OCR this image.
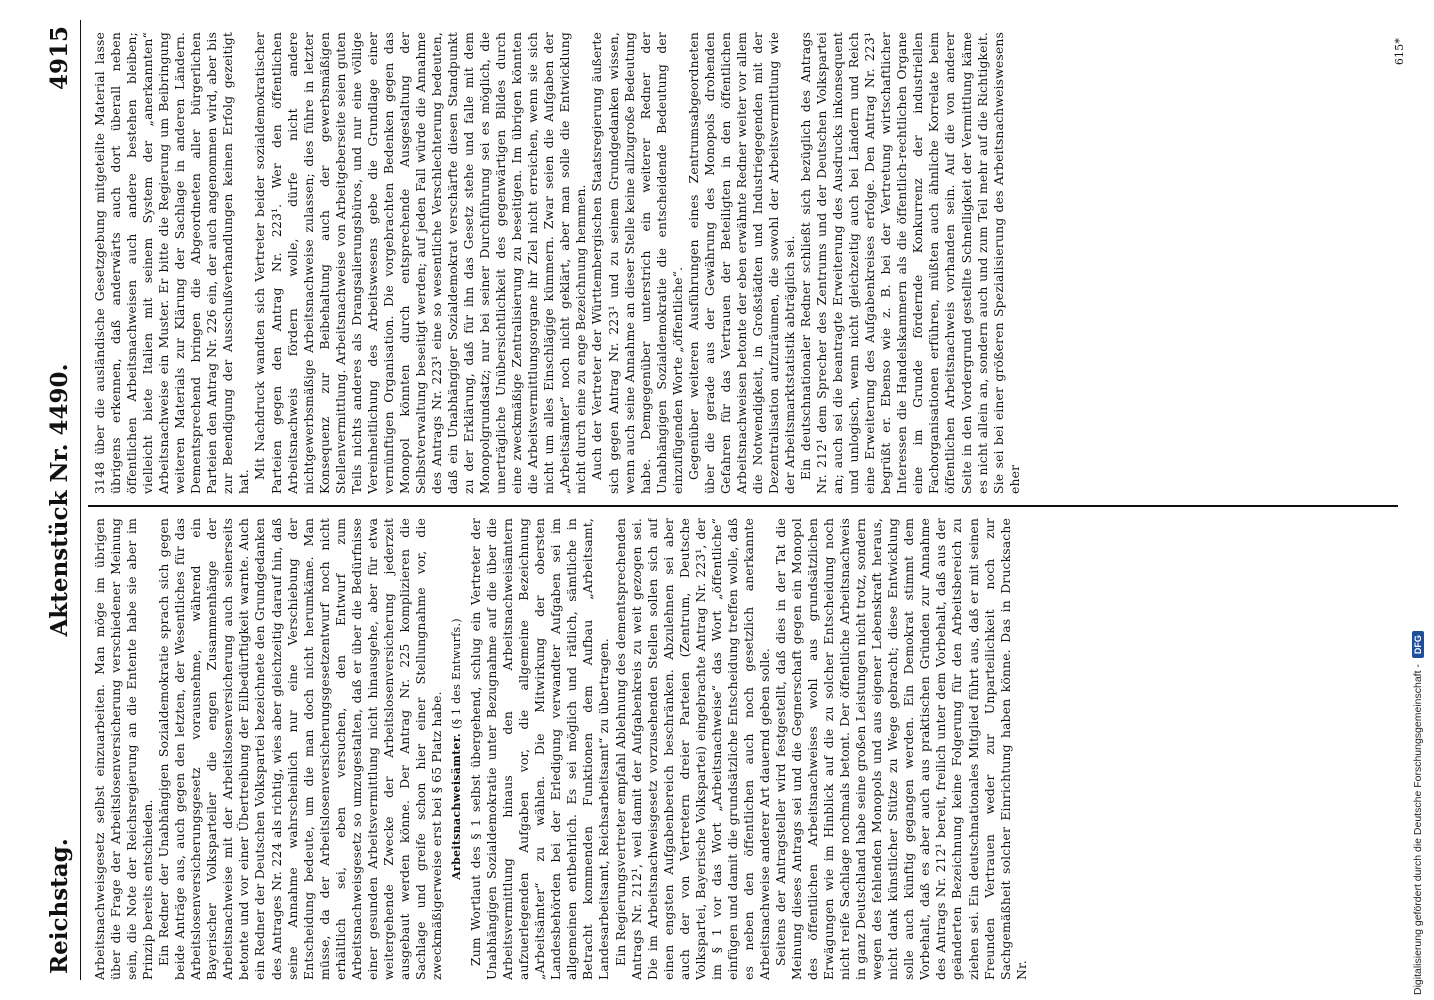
Reichstag.
Aktenstück Nr. 4490.
4915

Arbeitsnachweisgesetz selbst einzuarbeiten. Man möge im übrigen über die Frage der Arbeitslosenversicherung verschiedener Meinung sein, die Note der Reichsregierung an die Entente habe sie aber im Prinzip bereits entschieden. Ein Redner der Unabhängigen Sozialdemokratie sprach sich gegen beide Anträge aus, auch gegen den letzten, der Wesentliches für das Arbeitslosenversicherungsgesetz vorausnehme, während ein Bayerischer Volksparteiler die engen Zusammenhänge der Arbeitsnachweise mit der Arbeitslosenversicherung auch seinerseits betonte und vor einer Übertreibung der Eilbedürftigkeit warnte. Auch ein Redner der Deutschen Volkspartei bezeichnete den Grundgedanken des Antrages Nr. 224 als richtig, wies aber gleichzeitig darauf hin, daß seine Annahme wahrscheinlich nur eine Verschiebung der Entscheidung bedeute, um die man doch nicht herumkäme. Man müsse, da der Arbeitslosenversicherungsgesetzentwurf noch nicht erhältlich sei, eben versuchen, den Entwurf zum Arbeitsnachweisgesetz so umzugestalten, daß er über die Bedürfnisse einer gesunden Arbeitsvermittlung nicht hinausgehe, aber für etwa weitergehende Zwecke der Arbeitslosenversicherung jederzeit ausgebaut werden könne. Der Antrag Nr. 225 komplizieren die Sachlage und greife schon hier einer Stellungnahme vor, die zweckmäßigerweise erst bei § 65 Platz habe. Arbeitsnachweisämter. (§ 1 des Entwurfs.) Zum Wortlaut des § 1 selbst übergehend, schlug ein Vertreter der Unabhängigen Sozialdemokratie unter Bezugnahme auf die über die Arbeitsvermittlung hinaus den Arbeitsnachweisämtern aufzuerlegenden Aufgaben vor, die allgemeine Bezeichnung „Arbeitsämter“ zu wählen. Die Mitwirkung der obersten Landesbehörden bei der Erledigung verwandter Aufgaben sei im allgemeinen entbehrlich. Es sei möglich und rätlich, sämtliche in Betracht kommenden Funktionen dem Aufbau „Arbeitsamt, Landesarbeitsamt, Reichsarbeitsamt“ zu übertragen. Ein Regierungsvertreter empfahl Ablehnung des dementsprechenden Antrags Nr. 212¹, weil damit der Aufgabenkreis zu weit gezogen sei. Die im Arbeitsnachweisgesetz vorzusehenden Stellen sollen sich auf einen engsten Aufgabenbereich beschränken. Abzulehnen sei aber auch der von Vertretern dreier Parteien (Zentrum, Deutsche Volkspartei, Bayerische Volkspartei) eingebrachte Antrag Nr. 223¹, der im § 1 vor das Wort „Arbeitsnachweise“ das Wort „öffentliche“ einfügen und damit die grundsätzliche Entscheidung treffen wolle, daß es neben den öffentlichen auch noch gesetzlich anerkannte Arbeitsnachweise anderer Art dauernd geben solle. Seitens der Antragsteller wird festgestellt, daß dies in der Tat die Meinung dieses Antrags sei und die Gegnerschaft gegen ein Monopol des öffentlichen Arbeitsnachweises wohl aus grundsätzlichen Erwägungen wie im Hinblick auf die zu solcher Entscheidung noch nicht reife Sachlage nochmals betont. Der öffentliche Arbeitsnachweis in ganz Deutschland habe seine großen Leistungen nicht trotz, sondern wegen des fehlenden Monopols und aus eigener Lebenskraft heraus, nicht dank künstlicher Stütze zu Wege gebracht; diese Entwicklung solle auch künftig gegangen werden. Ein Demokrat stimmt dem Vorbehalt, daß es aber auch aus praktischen Gründen zur Annahme des Antrags Nr. 212¹ bereit, freilich unter dem Vorbehalt, daß aus der geänderten Bezeichnung keine Folgerung für den Arbeitsbereich zu ziehen sei. Ein deutschnationales Mitglied führt aus, daß er mit seinen Freunden Vertrauen weder zur Unparteilichkeit noch zur Sachgemäßheit solcher Einrichtung haben könne. Das in Drucksache Nr.

3148 über die ausländische Gesetzgebung mitgeteilte Material lasse übrigens erkennen, daß anderwärts auch dort überall neben öffentlichen Arbeitsnachweisen auch andere bestehen bleiben; vielleicht biete Italien mit seinem System der „anerkannten“ Arbeitsnachweise ein Muster. Er bitte die Regierung um Beibringung weiteren Materials zur Klärung der Sachlage in anderen Ländern. Dementsprechend bringen die Abgeordneten aller bürgerlichen Parteien den Antrag Nr. 226 ein, der auch angenommen wird, aber bis zur Beendigung der Ausschußverhandlungen keinen Erfolg gezeitigt hat.

Mit Nachdruck wandten sich Vertreter beider sozialdemokratischer Parteien gegen den Antrag Nr. 223¹. Wer den öffentlichen Arbeitsnachweis fördern wolle, dürfe nicht andere nichtgewerbsmäßige Arbeitsnachweise zulassen; dies führe in letzter Konsequenz zur Beibehaltung auch der gewerbsmäßigen Stellenvermittlung. Arbeitsnachweise von Arbeitgeberseite seien guten Teils nichts anderes als Drangsalierungsbüros, und nur eine völlige Vereinheitlichung des Arbeitswesens gebe die Grundlage einer vernünftigen Organisation. Die vorgebrachten Bedenken gegen das Monopol könnten durch entsprechende Ausgestaltung der Selbstverwaltung beseitigt werden; auf jeden Fall würde die Annahme des Antrags Nr. 223¹ eine so wesentliche Verschlechterung bedeuten, daß ein Unabhängiger Sozialdemokrat verschärfte diesen Standpunkt zu der Erklärung, daß für ihn das Gesetz stehe und falle mit dem Monopolgrundsatz; nur bei seiner Durchführung sei es möglich, die unerträgliche Unübersichtlichkeit des gegenwärtigen Bildes durch eine zweckmäßige Zentralisierung zu beseitigen. Im übrigen könnten die Arbeitsvermittlungsorgane ihr Ziel nicht erreichen, wenn sie sich nicht um alles Einschlägige kümmern. Zwar seien die Aufgaben der „Arbeitsämter“ noch nicht geklärt, aber man solle die Entwicklung nicht durch eine zu enge Bezeichnung hemmen. Auch der Vertreter der Württembergischen Staatsregierung äußerte sich gegen Antrag Nr. 223¹ und zu seinem Grundgedanken wissen, wenn auch seine Annahme an dieser Stelle keine allzugroße Bedeutung habe. Demgegenüber unterstrich ein weiterer Redner der Unabhängigen Sozialdemokratie die entscheidende Bedeutung der einzufügenden Worte „öffentliche“. Gegenüber weiteren Ausführungen eines Zentrumsabgeordneten über die gerade aus der Gewährung des Monopols drohenden Gefahren für das Vertrauen der Beteiligten in den öffentlichen Arbeitsnachweisen betonte der eben erwähnte Redner weiter vor allem die Notwendigkeit, in Großstädten und Industriegegenden mit der Dezentralisation aufzuräumen, die sowohl der Arbeitsvermittlung wie der Arbeitsmarktstatistik abträglich sei. Ein deutschnationaler Redner schließt sich bezüglich des Antrags Nr. 212¹ dem Sprecher des Zentrums und der Deutschen Volkspartei an; auch sei die beantragte Erweiterung des Ausdrucks inkonsequent und unlogisch, wenn nicht gleichzeitig auch bei Ländern und Reich eine Erweiterung des Aufgabenkreises erfolge. Den Antrag Nr. 223¹ begrüßt er. Ebenso wie z. B. bei der Vertretung wirtschaftlicher Interessen die Handelskammern als die öffentlich-rechtlichen Organe eine im Grunde fördernde Konkurrenz der industriellen Fachorganisationen erführen, müßten auch ähnliche Korrelate beim öffentlichen Arbeitsnachweis vorhanden sein. Auf die von anderer Seite in den Vordergrund gestellte Schnelligkeit der Vermittlung käme es nicht allein an, sondern auch und zum Teil mehr auf die Richtigkeit. Sie sei bei einer größeren Spezialisierung des Arbeitsnachweiswesens eher

615*
Digitalisierung gefördert durch die Deutsche Forschungsgemeinschaft -
DFG
